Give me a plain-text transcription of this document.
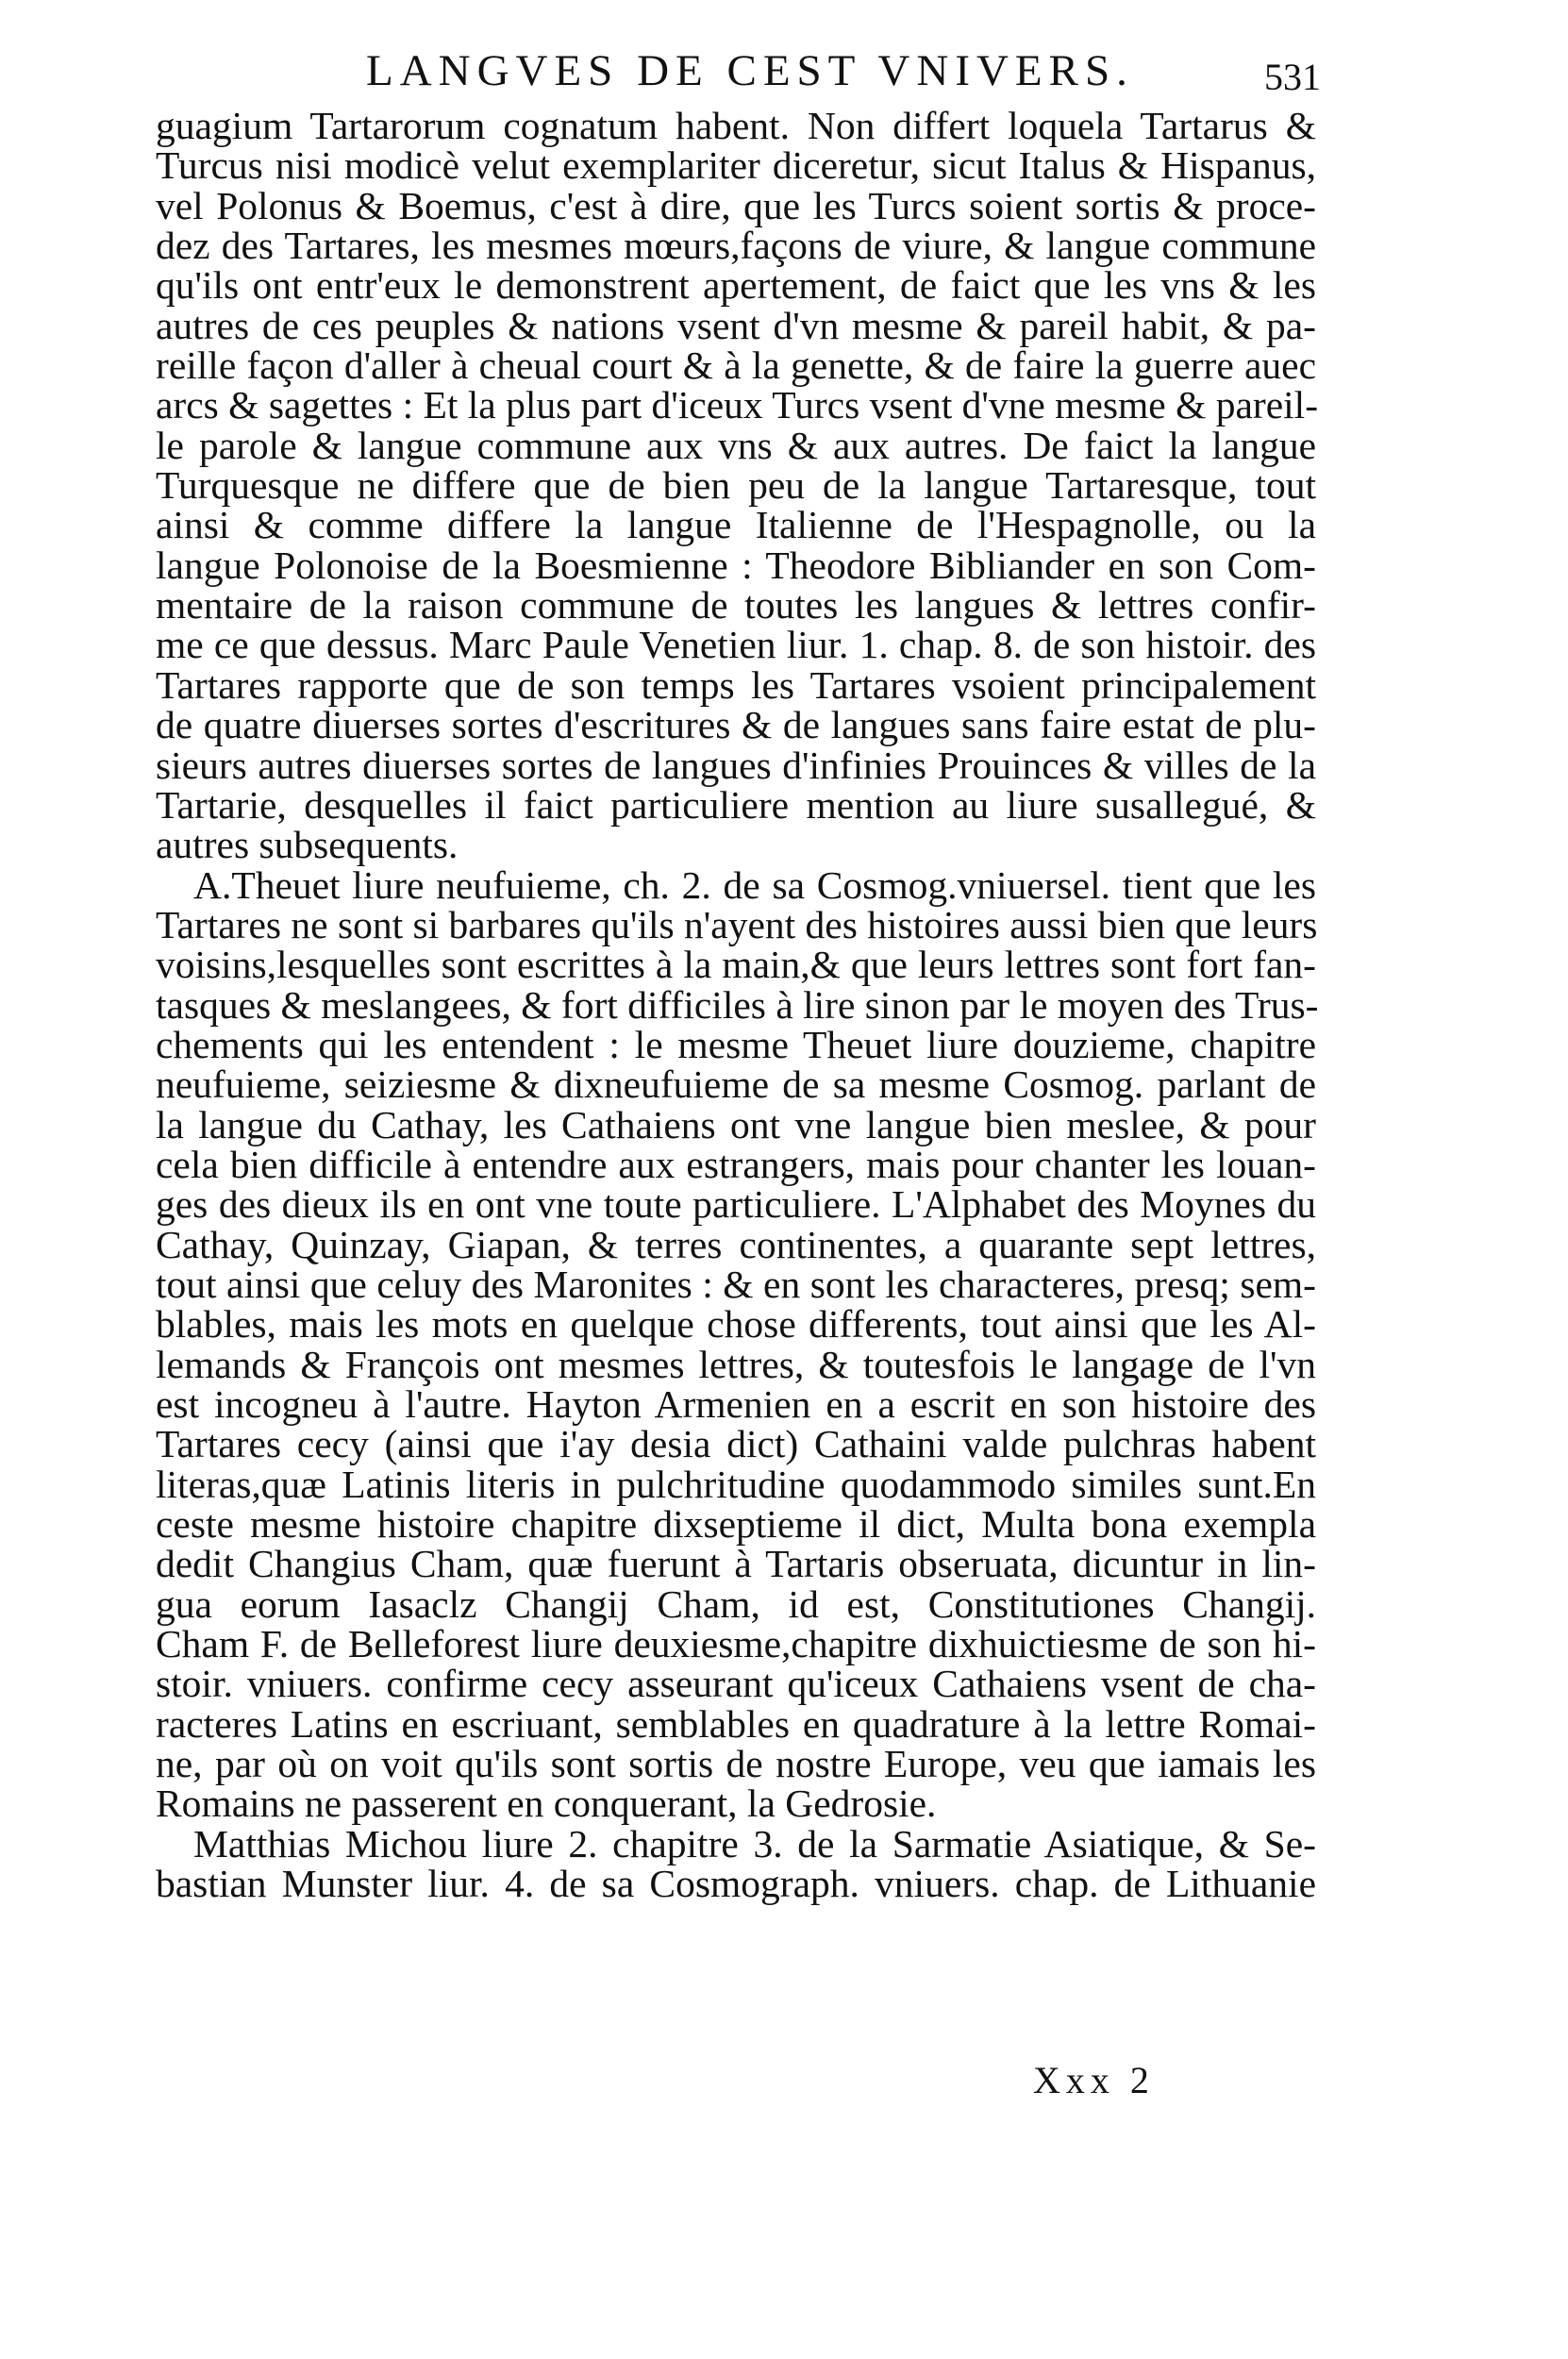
LANGVES DE CEST VNIVERS.	531
guagium Tartarorum cognatum habent. Non differt loquela Tartarus &
Turcus nisi modicè velut exemplariter diceretur, sicut Italus & Hispanus,
vel Polonus & Boemus, c'est à dire, que les Turcs soient sortis & proce-
dez des Tartares, les mesmes mœurs,façons de viure, & langue commune
qu'ils ont entr'eux le demonstrent apertement, de faict que les vns & les
autres de ces peuples & nations vsent d'vn mesme & pareil habit, & pa-
reille façon d'aller à cheual court & à la genette, & de faire la guerre auec
arcs & sagettes : Et la plus part d'iceux Turcs vsent d'vne mesme & pareil-
le parole & langue commune aux vns & aux autres. De faict la langue
Turquesque ne differe que de bien peu de la langue Tartaresque, tout
ainsi & comme differe la langue Italienne de l'Hespagnolle, ou la
langue Polonoise de la Boesmienne : Theodore Bibliander en son Com-
mentaire de la raison commune de toutes les langues & lettres confir-
me ce que dessus. Marc Paule Venetien liur. 1. chap. 8. de son histoir. des
Tartares rapporte que de son temps les Tartares vsoient principalement
de quatre diuerses sortes d'escritures & de langues sans faire estat de plu-
sieurs autres diuerses sortes de langues d'infinies Prouinces & villes de la
Tartarie, desquelles il faict particuliere mention au liure susallegué, &
autres subsequents.
A.Theuet liure neufuieme, ch. 2. de sa Cosmog.vniuersel. tient que les
Tartares ne sont si barbares qu'ils n'ayent des histoires aussi bien que leurs
voisins,lesquelles sont escrittes à la main,& que leurs lettres sont fort fan-
tasques & meslangees, & fort difficiles à lire sinon par le moyen des Trus-
chements qui les entendent : le mesme Theuet liure douzieme, chapitre
neufuieme, seiziesme & dixneufuieme de sa mesme Cosmog. parlant de
la langue du Cathay, les Cathaiens ont vne langue bien meslee, & pour
cela bien difficile à entendre aux estrangers, mais pour chanter les louan-
ges des dieux ils en ont vne toute particuliere. L'Alphabet des Moynes du
Cathay, Quinzay, Giapan, & terres continentes, a quarante sept lettres,
tout ainsi que celuy des Maronites : & en sont les characteres, presq; sem-
blables, mais les mots en quelque chose differents, tout ainsi que les Al-
lemands & François ont mesmes lettres, & toutesfois le langage de l'vn
est incogneu à l'autre. Hayton Armenien en a escrit en son histoire des
Tartares cecy (ainsi que i'ay desia dict) Cathaini valde pulchras habent
literas,quæ Latinis literis in pulchritudine quodammodo similes sunt.En
ceste mesme histoire chapitre dixseptieme il dict, Multa bona exempla
dedit Changius Cham, quæ fuerunt à Tartaris obseruata, dicuntur in lin-
gua eorum Iasaclz Changij Cham, id est, Constitutiones Changij.
Cham F. de Belleforest liure deuxiesme,chapitre dixhuictiesme de son hi-
stoir. vniuers. confirme cecy asseurant qu'iceux Cathaiens vsent de cha-
racteres Latins en escriuant, semblables en quadrature à la lettre Romai-
ne, par où on voit qu'ils sont sortis de nostre Europe, veu que iamais les
Romains ne passerent en conquerant, la Gedrosie.
Matthias Michou liure 2. chapitre 3. de la Sarmatie Asiatique, & Se-
bastian Munster liur. 4. de sa Cosmograph. vniuers. chap. de Lithuanie
Xxx 2
